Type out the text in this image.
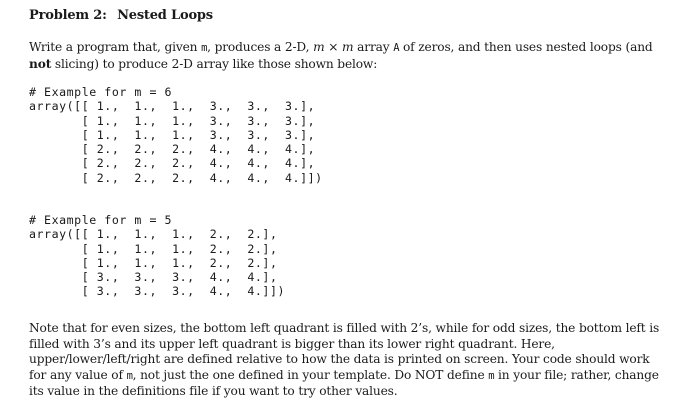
Problem 2: Nested Loops
Write a program that, given m, produces a 2-D, m × m array A of zeros, and then uses nested loops (and not slicing) to produce 2-D array like those shown below:
# Example for m = 6
array([[ 1.,  1.,  1.,  3.,  3.,  3.],
[ 1.,  1.,  1.,  3.,  3.,  3.],
[ 1.,  1.,  1.,  3.,  3.,  3.],
[ 2.,  2.,  2.,  4.,  4.,  4.],
[ 2.,  2.,  2.,  4.,  4.,  4.],
[ 2.,  2.,  2.,  4.,  4.,  4.]])
# Example for m = 5
array([[ 1.,  1.,  1.,  2.,  2.],
[ 1.,  1.,  1.,  2.,  2.],
[ 1.,  1.,  1.,  2.,  2.],
[ 3.,  3.,  3.,  4.,  4.],
[ 3.,  3.,  3.,  4.,  4.]])
Note that for even sizes, the bottom left quadrant is filled with 2’s, while for odd sizes, the bottom left is filled with 3’s and its upper left quadrant is bigger than its lower right quadrant. Here, upper/lower/left/right are defined relative to how the data is printed on screen. Your code should work for any value of m, not just the one defined in your template. Do NOT define m in your file; rather, change its value in the definitions file if you want to try other values.
